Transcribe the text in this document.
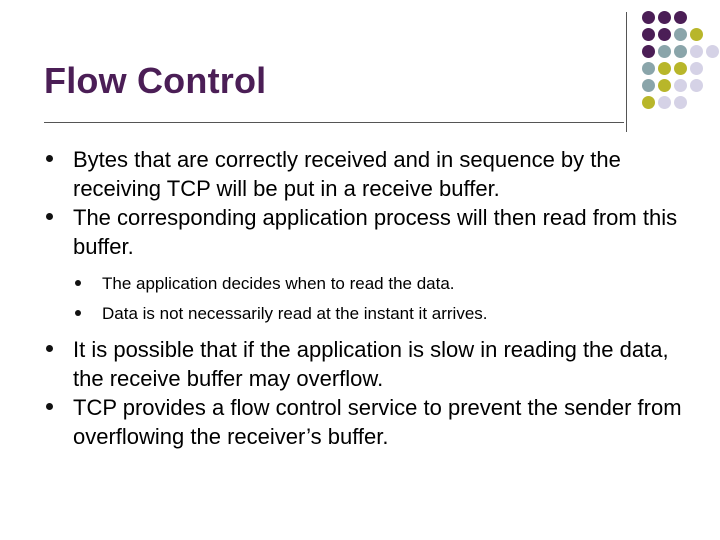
Flow Control
Bytes that are correctly received and in sequence by the receiving TCP will be put in a receive buffer.
The corresponding application process will then read from this buffer.
The application decides when to read the data.
Data is not necessarily read at the instant it arrives.
It is possible that if the application is slow in reading the data, the receive buffer may overflow.
TCP provides a flow control service to prevent the sender from overflowing the receiver’s buffer.
